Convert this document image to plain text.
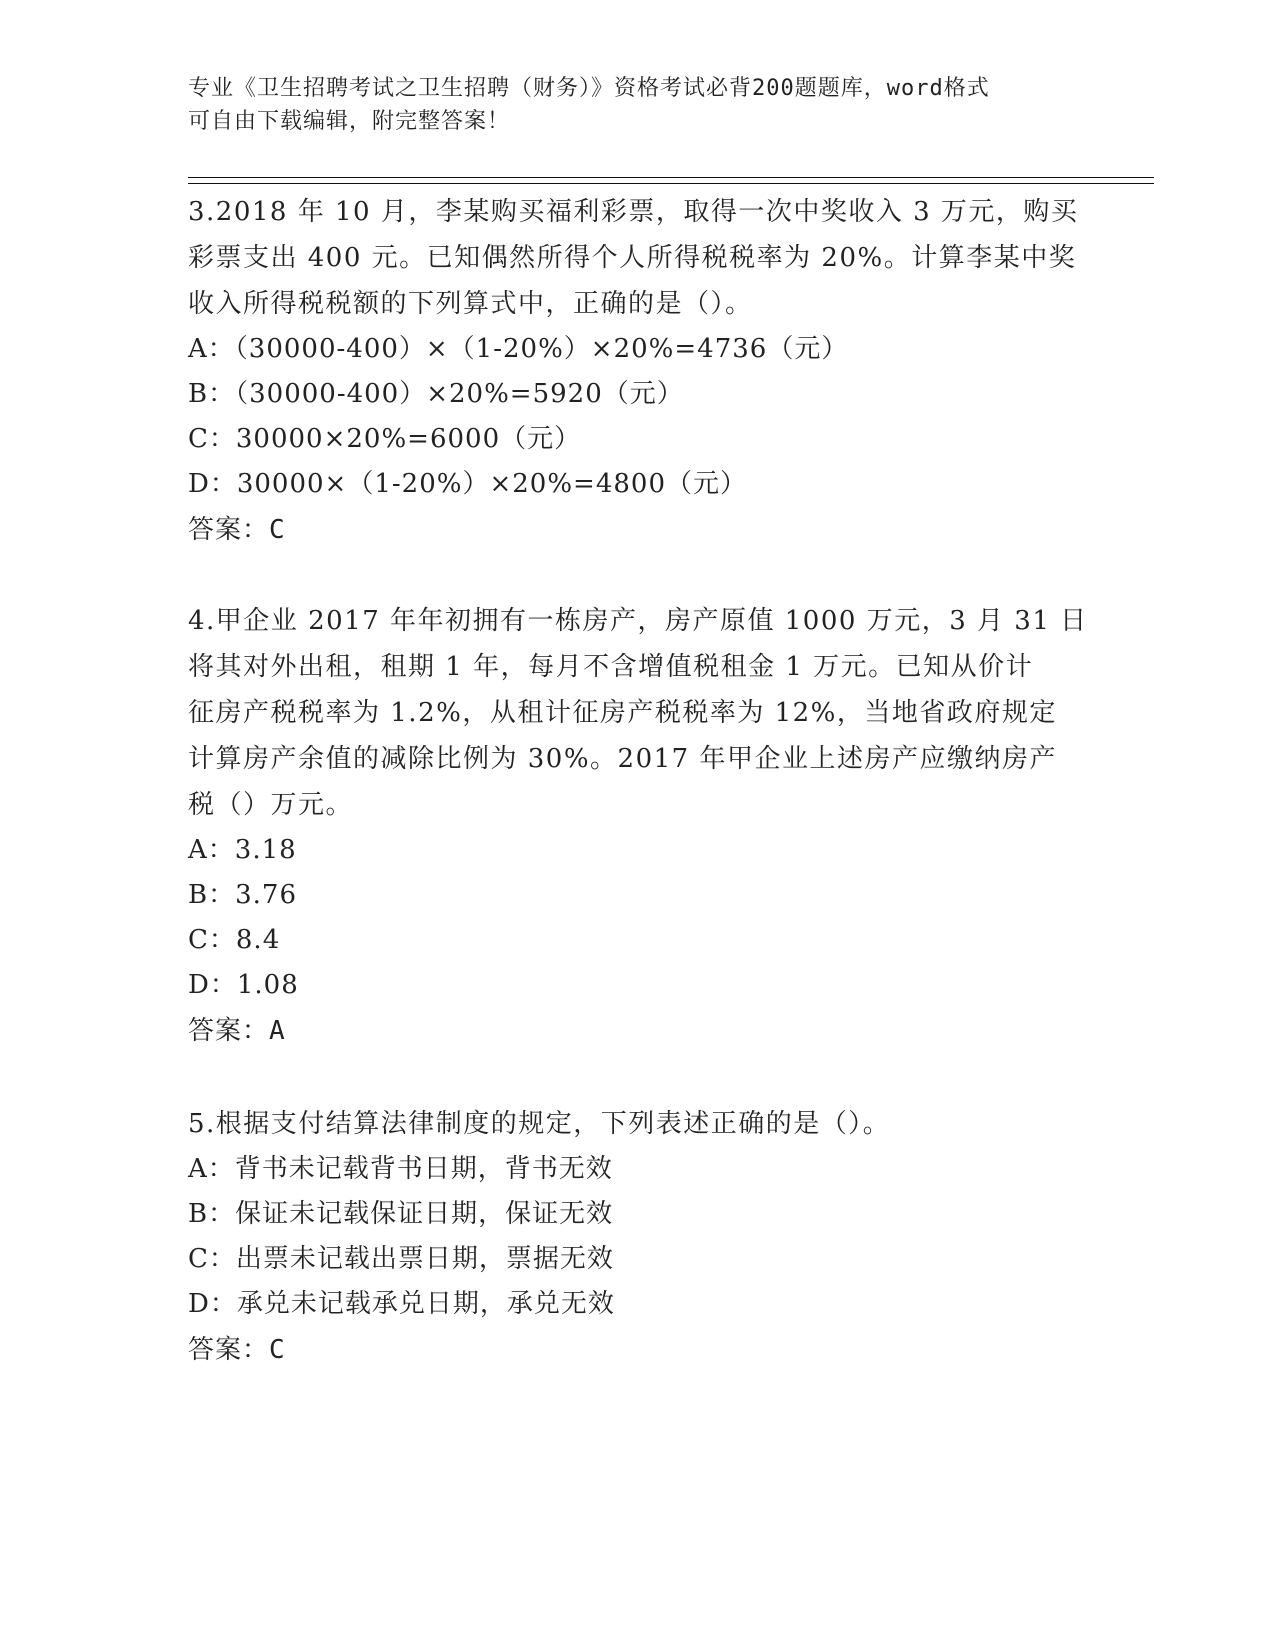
专业《卫生招聘考试之卫生招聘（财务）》资格考试必背200题题库，word格式
可自由下载编辑，附完整答案！
3.2018 年 10 月，李某购买福利彩票，取得一次中奖收入 3 万元，购买
彩票支出 400 元。已知偶然所得个人所得税税率为 20%。计算李某中奖
收入所得税税额的下列算式中，正确的是（）。
A：（30000-400）×（1-20%）×20%=4736（元）
B：（30000-400）×20%=5920（元）
C：30000×20%=6000（元）
D：30000×（1-20%）×20%=4800（元）
答案：C
4.甲企业 2017 年年初拥有一栋房产，房产原值 1000 万元，3 月 31 日
将其对外出租，租期 1 年，每月不含增值税租金 1 万元。已知从价计
征房产税税率为 1.2%，从租计征房产税税率为 12%，当地省政府规定
计算房产余值的减除比例为 30%。2017 年甲企业上述房产应缴纳房产
税（）万元。
A：3.18
B：3.76
C：8.4
D：1.08
答案：A
5.根据支付结算法律制度的规定，下列表述正确的是（）。
A：背书未记载背书日期，背书无效
B：保证未记载保证日期，保证无效
C：出票未记载出票日期，票据无效
D：承兑未记载承兑日期，承兑无效
答案：C
